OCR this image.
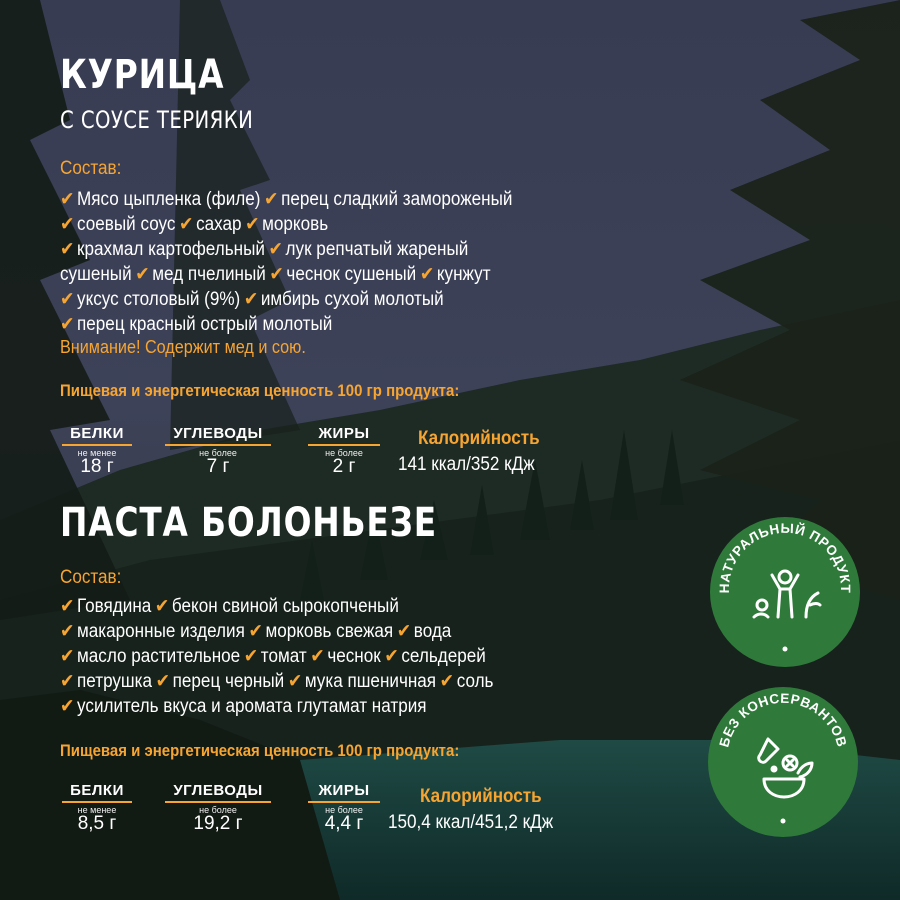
КУРИЦА
С СОУСЕ ТЕРИЯКИ
Состав:
✔ Мясо цыпленка (филе) ✔ перец сладкий замороженый
✔ соевый соус ✔ сахар ✔ морковь
✔ крахмал картофельный ✔ лук репчатый жареный
сушеный ✔ мед пчелиный ✔ чеснок сушеный ✔ кунжут
✔ уксус столовый (9%) ✔ имбирь сухой молотый
✔ перец красный острый молотый
Внимание! Содержит мед и сою.
Пищевая и энергетическая ценность 100 гр продукта:
БЕЛКИ
не менее
18 г
УГЛЕВОДЫ
не более
7 г
ЖИРЫ
не более
2 г
Калорийность
141 ккал/352 кДж
ПАСТА БОЛОНЬЕЗЕ
Состав:
✔ Говядина ✔ бекон свиной сырокопченый
✔ макаронные изделия ✔ морковь свежая ✔ вода
✔ масло растительное ✔ томат ✔ чеснок ✔ сельдерей
✔ петрушка ✔ перец черный ✔ мука пшеничная ✔ соль
✔ усилитель вкуса и аромата глутамат натрия
Пищевая и энергетическая ценность 100 гр продукта:
БЕЛКИ
не менее
8,5 г
УГЛЕВОДЫ
не более
19,2 г
ЖИРЫ
не более
4,4 г
Калорийность
150,4 ккал/451,2 кДж
НАТУРАЛЬНЫЙ ПРОДУКТ
БЕЗ КОНСЕРВАНТОВ
